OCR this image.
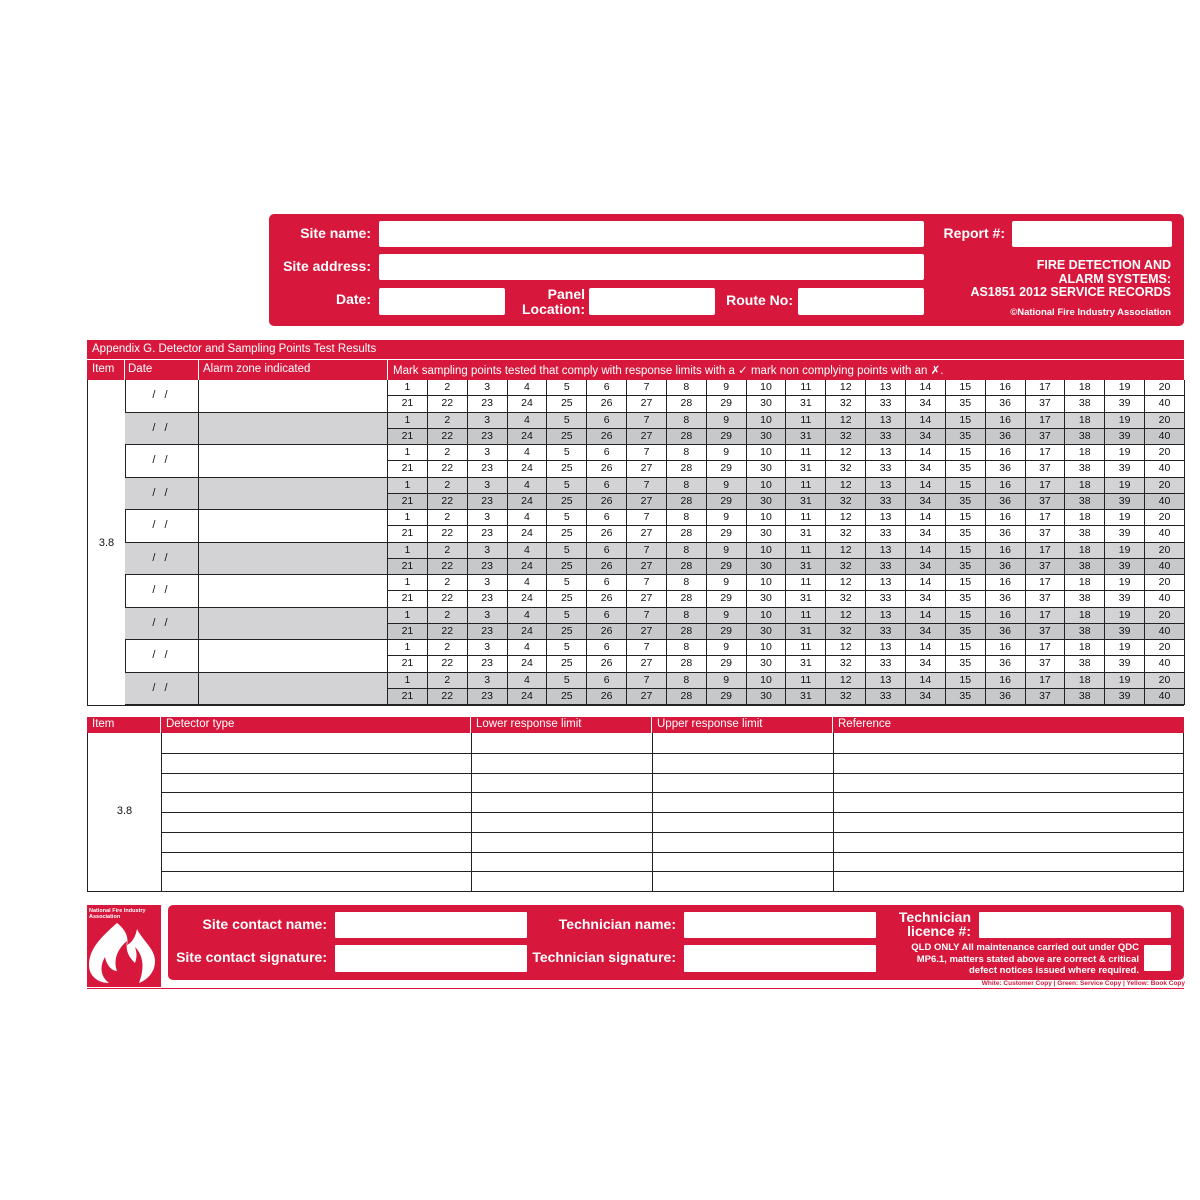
Site name:
Site address:
Date:	Panel
Location:
Route No:
Report #:
FIRE DETECTION AND
ALARM SYSTEMS:
AS1851 2012 SERVICE RECORDS
©National Fire Industry Association
Appendix G. Detector and Sampling Points Test Results
Item Date	Alarm zone indicated	Mark sampling points tested that comply with response limits with a ✓ mark non complying points with an ✗.
3.8
/ /
1	2	3	4	5	6	7	8	9	10	11	12	13	14	15	16	17	18	19	20
21	22	23	24	25	26	27	28	29	30	31	32	33	34	35	36	37	38	39	40
/ /
1	2	3	4	5	6	7	8	9	10	11	12	13	14	15	16	17	18	19	20
21	22	23	24	25	26	27	28	29	30	31	32	33	34	35	36	37	38	39	40
/ /
1	2	3	4	5	6	7	8	9	10	11	12	13	14	15	16	17	18	19	20
21	22	23	24	25	26	27	28	29	30	31	32	33	34	35	36	37	38	39	40
/ /
1	2	3	4	5	6	7	8	9	10	11	12	13	14	15	16	17	18	19	20
21	22	23	24	25	26	27	28	29	30	31	32	33	34	35	36	37	38	39	40
/ /
1	2	3	4	5	6	7	8	9	10	11	12	13	14	15	16	17	18	19	20
21	22	23	24	25	26	27	28	29	30	31	32	33	34	35	36	37	38	39	40
/ /
1	2	3	4	5	6	7	8	9	10	11	12	13	14	15	16	17	18	19	20
21	22	23	24	25	26	27	28	29	30	31	32	33	34	35	36	37	38	39	40
/ /
1	2	3	4	5	6	7	8	9	10	11	12	13	14	15	16	17	18	19	20
21	22	23	24	25	26	27	28	29	30	31	32	33	34	35	36	37	38	39	40
/ /
1	2	3	4	5	6	7	8	9	10	11	12	13	14	15	16	17	18	19	20
21	22	23	24	25	26	27	28	29	30	31	32	33	34	35	36	37	38	39	40
/ /
1	2	3	4	5	6	7	8	9	10	11	12	13	14	15	16	17	18	19	20
21	22	23	24	25	26	27	28	29	30	31	32	33	34	35	36	37	38	39	40
/ /
1	2	3	4	5	6	7	8	9	10	11	12	13	14	15	16	17	18	19	20
21	22	23	24	25	26	27	28	29	30	31	32	33	34	35	36	37	38	39	40
Item	Detector type	Lower response limit	Upper response limit	Reference
3.8
National Fire Industry Association
Australia
Site contact name:
Site contact signature:
Technician name:
Technician signature:
Technician
licence #:
QLD ONLY All maintenance carried out under QDC
MP6.1, matters stated above are correct & critical
defect notices issued where required.
White: Customer Copy | Green: Service Copy | Yellow: Book Copy
